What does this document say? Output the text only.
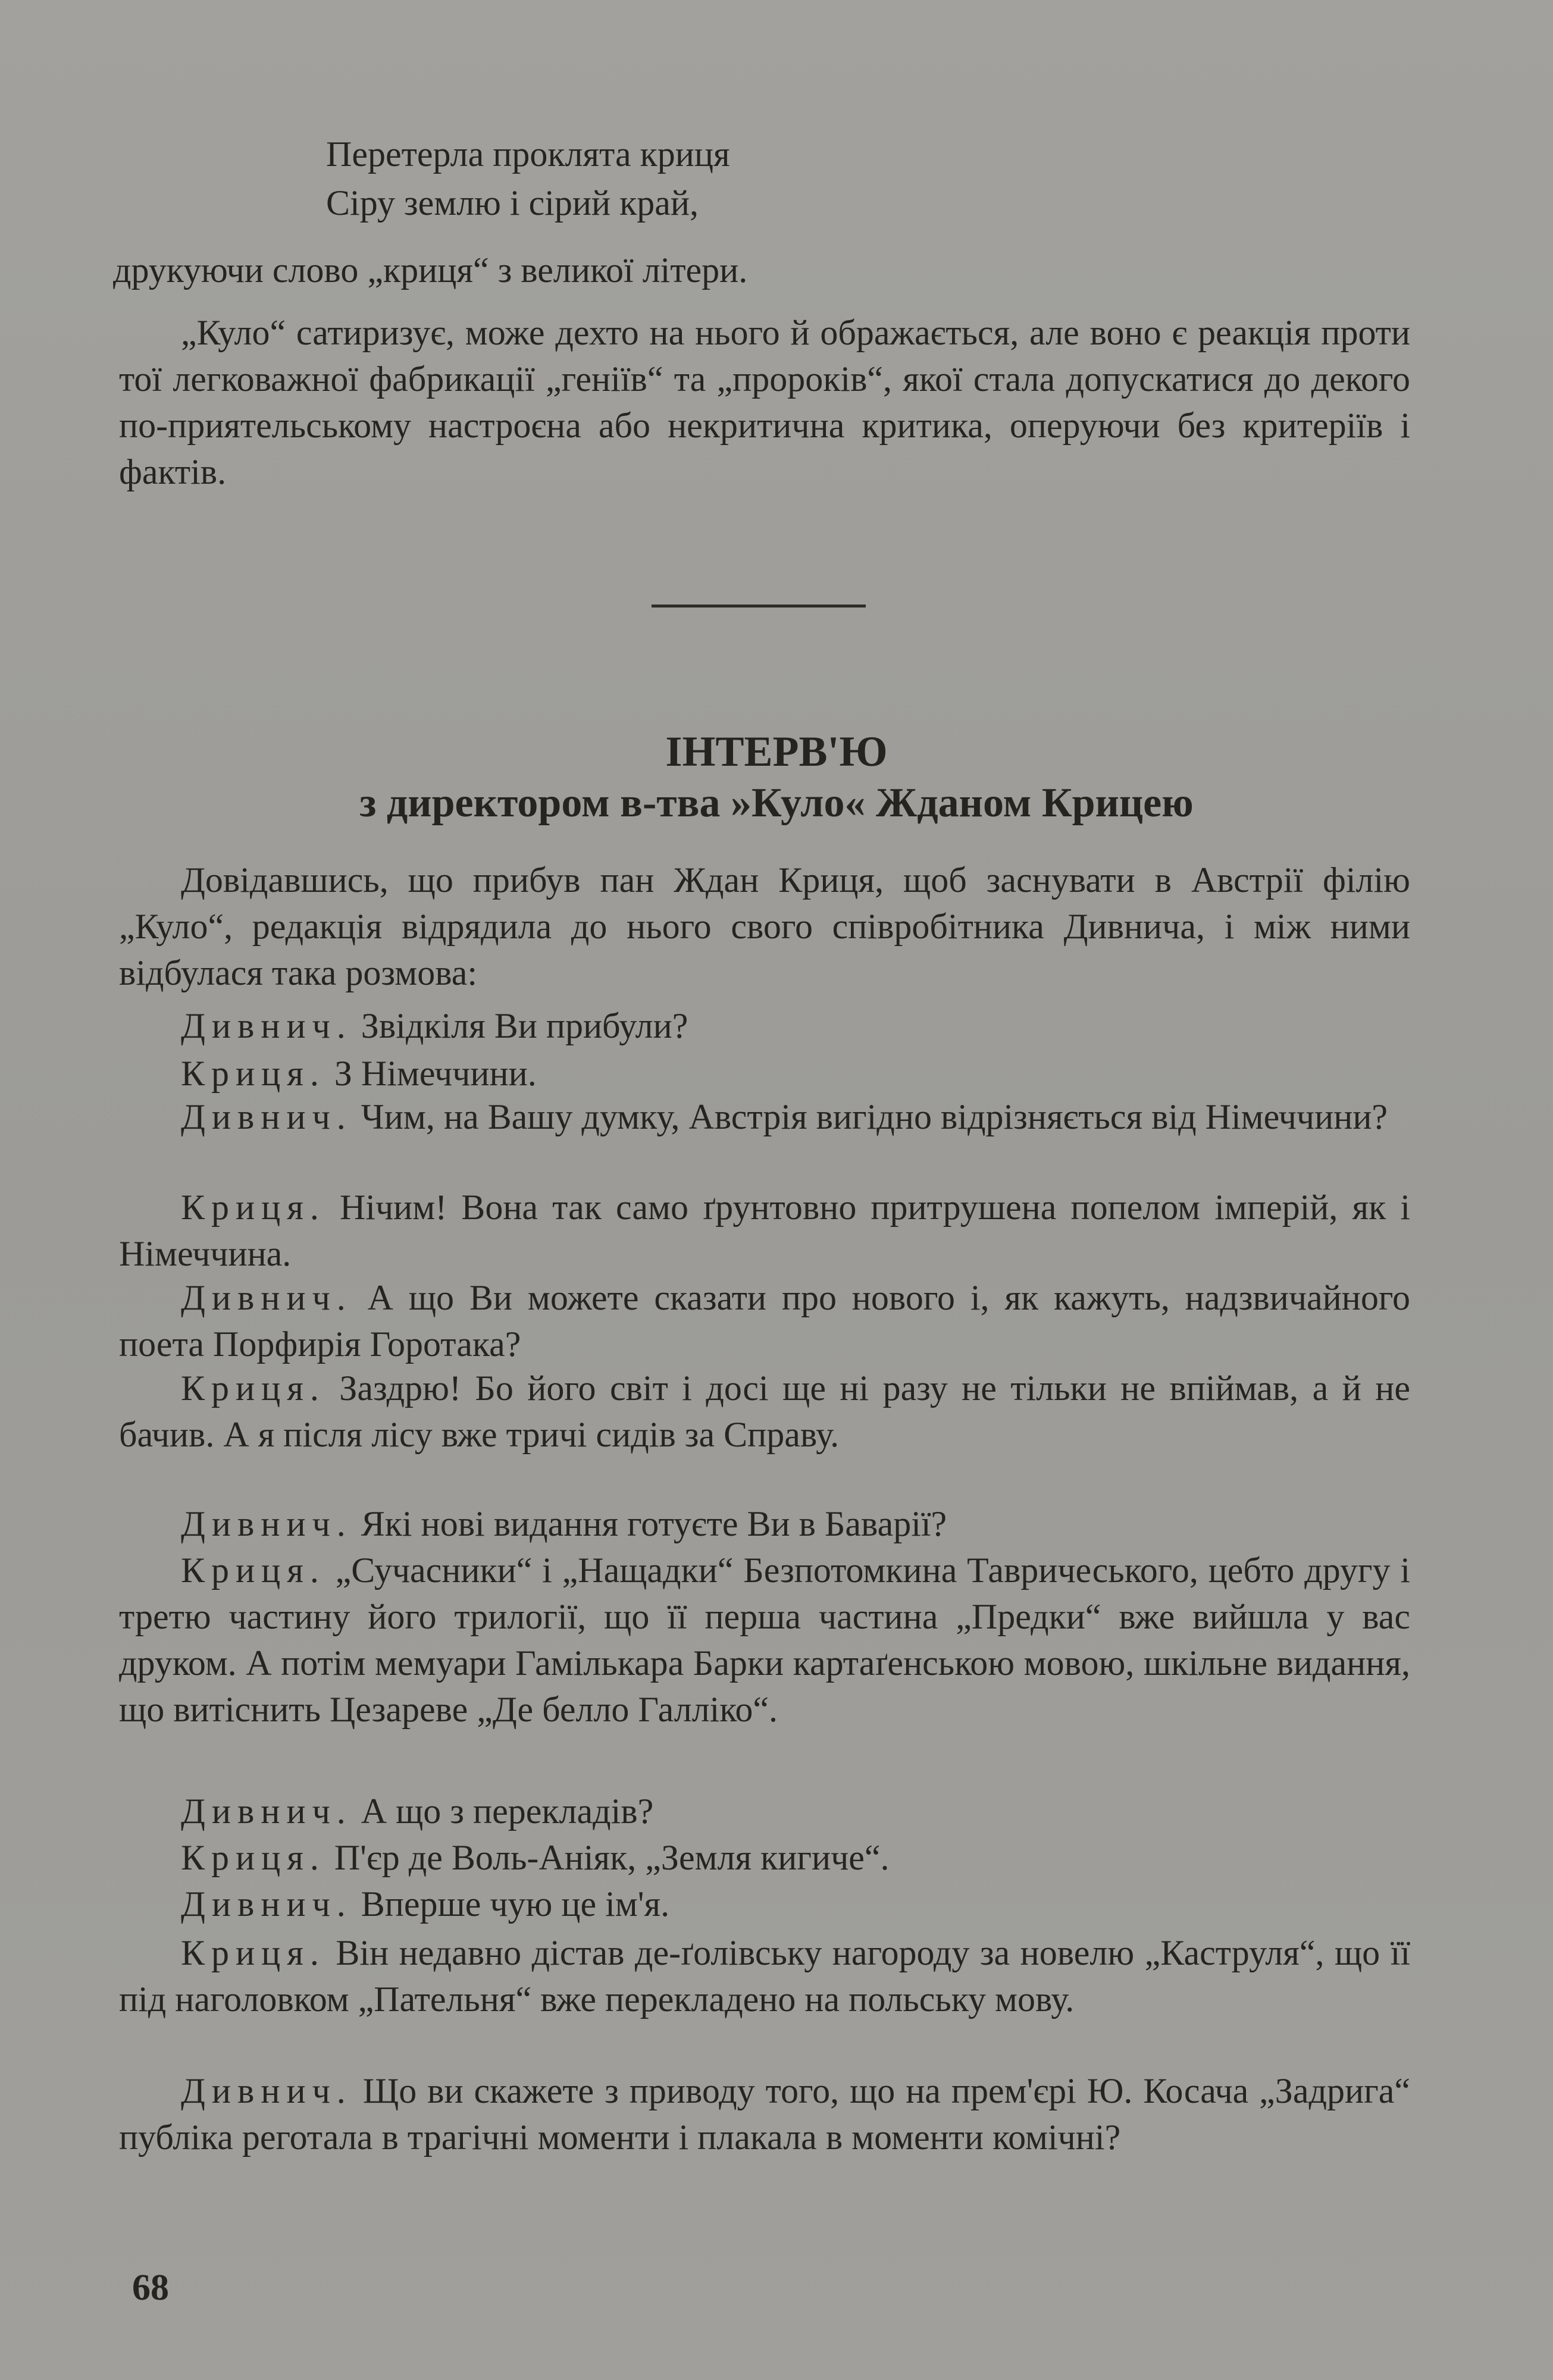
Перетерла проклята криця
Сіру землю і сірий край,
друкуючи слово „криця“ з великої літери.
„Куло“ сатиризує, може дехто на нього й ображається, але воно є реакція проти тої легковажної фабрикації „геніїв“ та „пророків“, якої стала допускатися до декого по-приятельському настроєна або некритична критика, оперуючи без критеріїв і фактів.
ІНТЕРВ'Ю
з директором в-тва »Куло« Жданом Крицею
Довідавшись, що прибув пан Ждан Криця, щоб заснувати в Австрії філію „Куло“, редакція відрядила до нього свого співробітника Дивнича, і між ними відбулася така розмова:
Дивнич. Звідкіля Ви прибули?
Криця. З Німеччини.
Дивнич. Чим, на Вашу думку, Австрія вигідно відрізняється від Німеччини?
Криця. Нічим! Вона так само ґрунтовно притрушена попелом імперій, як і Німеччина.
Дивнич. А що Ви можете сказати про нового і, як кажуть, надзвичайного поета Порфирія Горотака?
Криця. Заздрю! Бо його світ і досі ще ні разу не тільки не впіймав, а й не бачив. А я після лісу вже тричі сидів за Справу.
Дивнич. Які нові видання готуєте Ви в Баварії?
Криця. „Сучасники“ і „Нащадки“ Безпотомкина Тавричеського, цебто другу і третю частину його трилогії, що її перша частина „Предки“ вже вийшла у вас друком. А потім мемуари Гамількара Барки картаґенською мовою, шкільне видання, що витіснить Цезареве „Де белло Галліко“.
Дивнич. А що з перекладів?
Криця. П'єр де Воль-Аніяк, „Земля кигиче“.
Дивнич. Вперше чую це ім'я.
Криця. Він недавно дістав де-ґолівську нагороду за новелю „Каструля“, що її під наголовком „Пательня“ вже перекладено на польську мову.
Дивнич. Що ви скажете з приводу того, що на прем'єрі Ю. Косача „Задрига“ публіка реготала в трагічні моменти і плакала в моменти комічні?
68
